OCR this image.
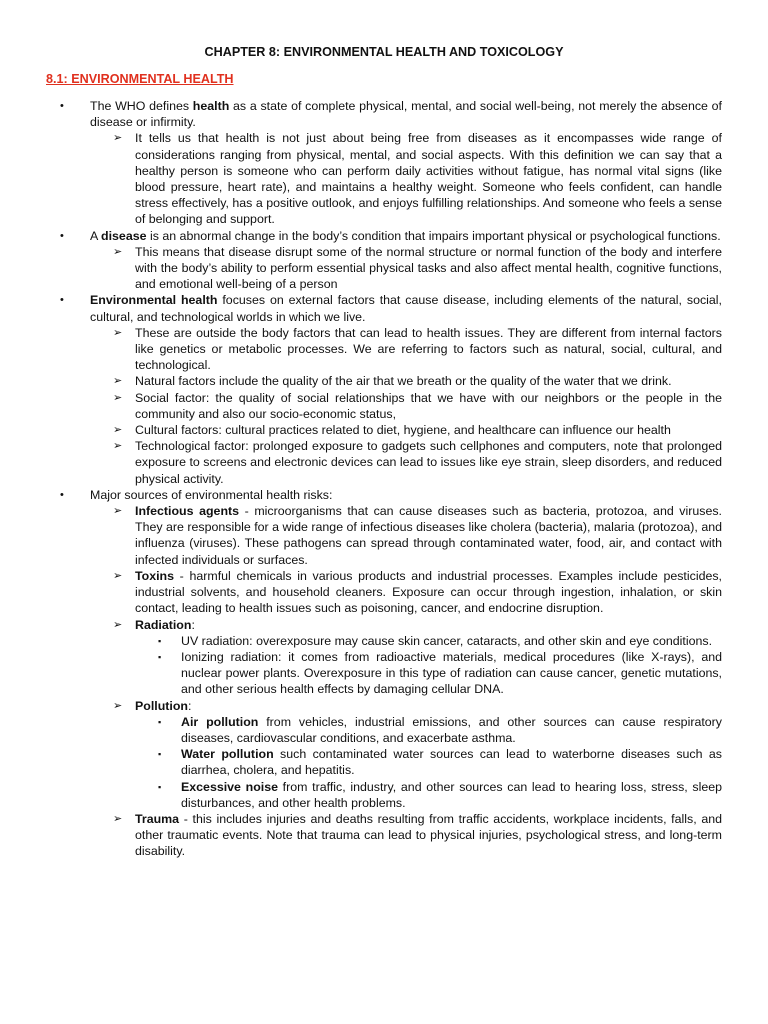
CHAPTER 8: ENVIRONMENTAL HEALTH AND TOXICOLOGY
8.1: ENVIRONMENTAL HEALTH
• The WHO defines health as a state of complete physical, mental, and social well-being, not merely the absence of disease or infirmity.
➢ It tells us that health is not just about being free from diseases as it encompasses wide range of considerations ranging from physical, mental, and social aspects. With this definition we can say that a healthy person is someone who can perform daily activities without fatigue, has normal vital signs (like blood pressure, heart rate), and maintains a healthy weight. Someone who feels confident, can handle stress effectively, has a positive outlook, and enjoys fulfilling relationships. And someone who feels a sense of belonging and support.
• A disease is an abnormal change in the body’s condition that impairs important physical or psychological functions.
➢ This means that disease disrupt some of the normal structure or normal function of the body and interfere with the body’s ability to perform essential physical tasks and also affect mental health, cognitive functions, and emotional well-being of a person
• Environmental health focuses on external factors that cause disease, including elements of the natural, social, cultural, and technological worlds in which we live.
➢ These are outside the body factors that can lead to health issues. They are different from internal factors like genetics or metabolic processes. We are referring to factors such as natural, social, cultural, and technological.
➢ Natural factors include the quality of the air that we breath or the quality of the water that we drink.
➢ Social factor: the quality of social relationships that we have with our neighbors or the people in the community and also our socio-economic status,
➢ Cultural factors: cultural practices related to diet, hygiene, and healthcare can influence our health
➢ Technological factor: prolonged exposure to gadgets such cellphones and computers, note that prolonged exposure to screens and electronic devices can lead to issues like eye strain, sleep disorders, and reduced physical activity.
• Major sources of environmental health risks:
➢ Infectious agents - microorganisms that can cause diseases such as bacteria, protozoa, and viruses. They are responsible for a wide range of infectious diseases like cholera (bacteria), malaria (protozoa), and influenza (viruses). These pathogens can spread through contaminated water, food, air, and contact with infected individuals or surfaces.
➢ Toxins - harmful chemicals in various products and industrial processes. Examples include pesticides, industrial solvents, and household cleaners. Exposure can occur through ingestion, inhalation, or skin contact, leading to health issues such as poisoning, cancer, and endocrine disruption.
➢ Radiation:
▪ UV radiation: overexposure may cause skin cancer, cataracts, and other skin and eye conditions.
▪ Ionizing radiation: it comes from radioactive materials, medical procedures (like X-rays), and nuclear power plants. Overexposure in this type of radiation can cause cancer, genetic mutations, and other serious health effects by damaging cellular DNA.
➢ Pollution:
▪ Air pollution from vehicles, industrial emissions, and other sources can cause respiratory diseases, cardiovascular conditions, and exacerbate asthma.
▪ Water pollution such contaminated water sources can lead to waterborne diseases such as diarrhea, cholera, and hepatitis.
▪ Excessive noise from traffic, industry, and other sources can lead to hearing loss, stress, sleep disturbances, and other health problems.
➢ Trauma - this includes injuries and deaths resulting from traffic accidents, workplace incidents, falls, and other traumatic events. Note that trauma can lead to physical injuries, psychological stress, and long-term disability.
